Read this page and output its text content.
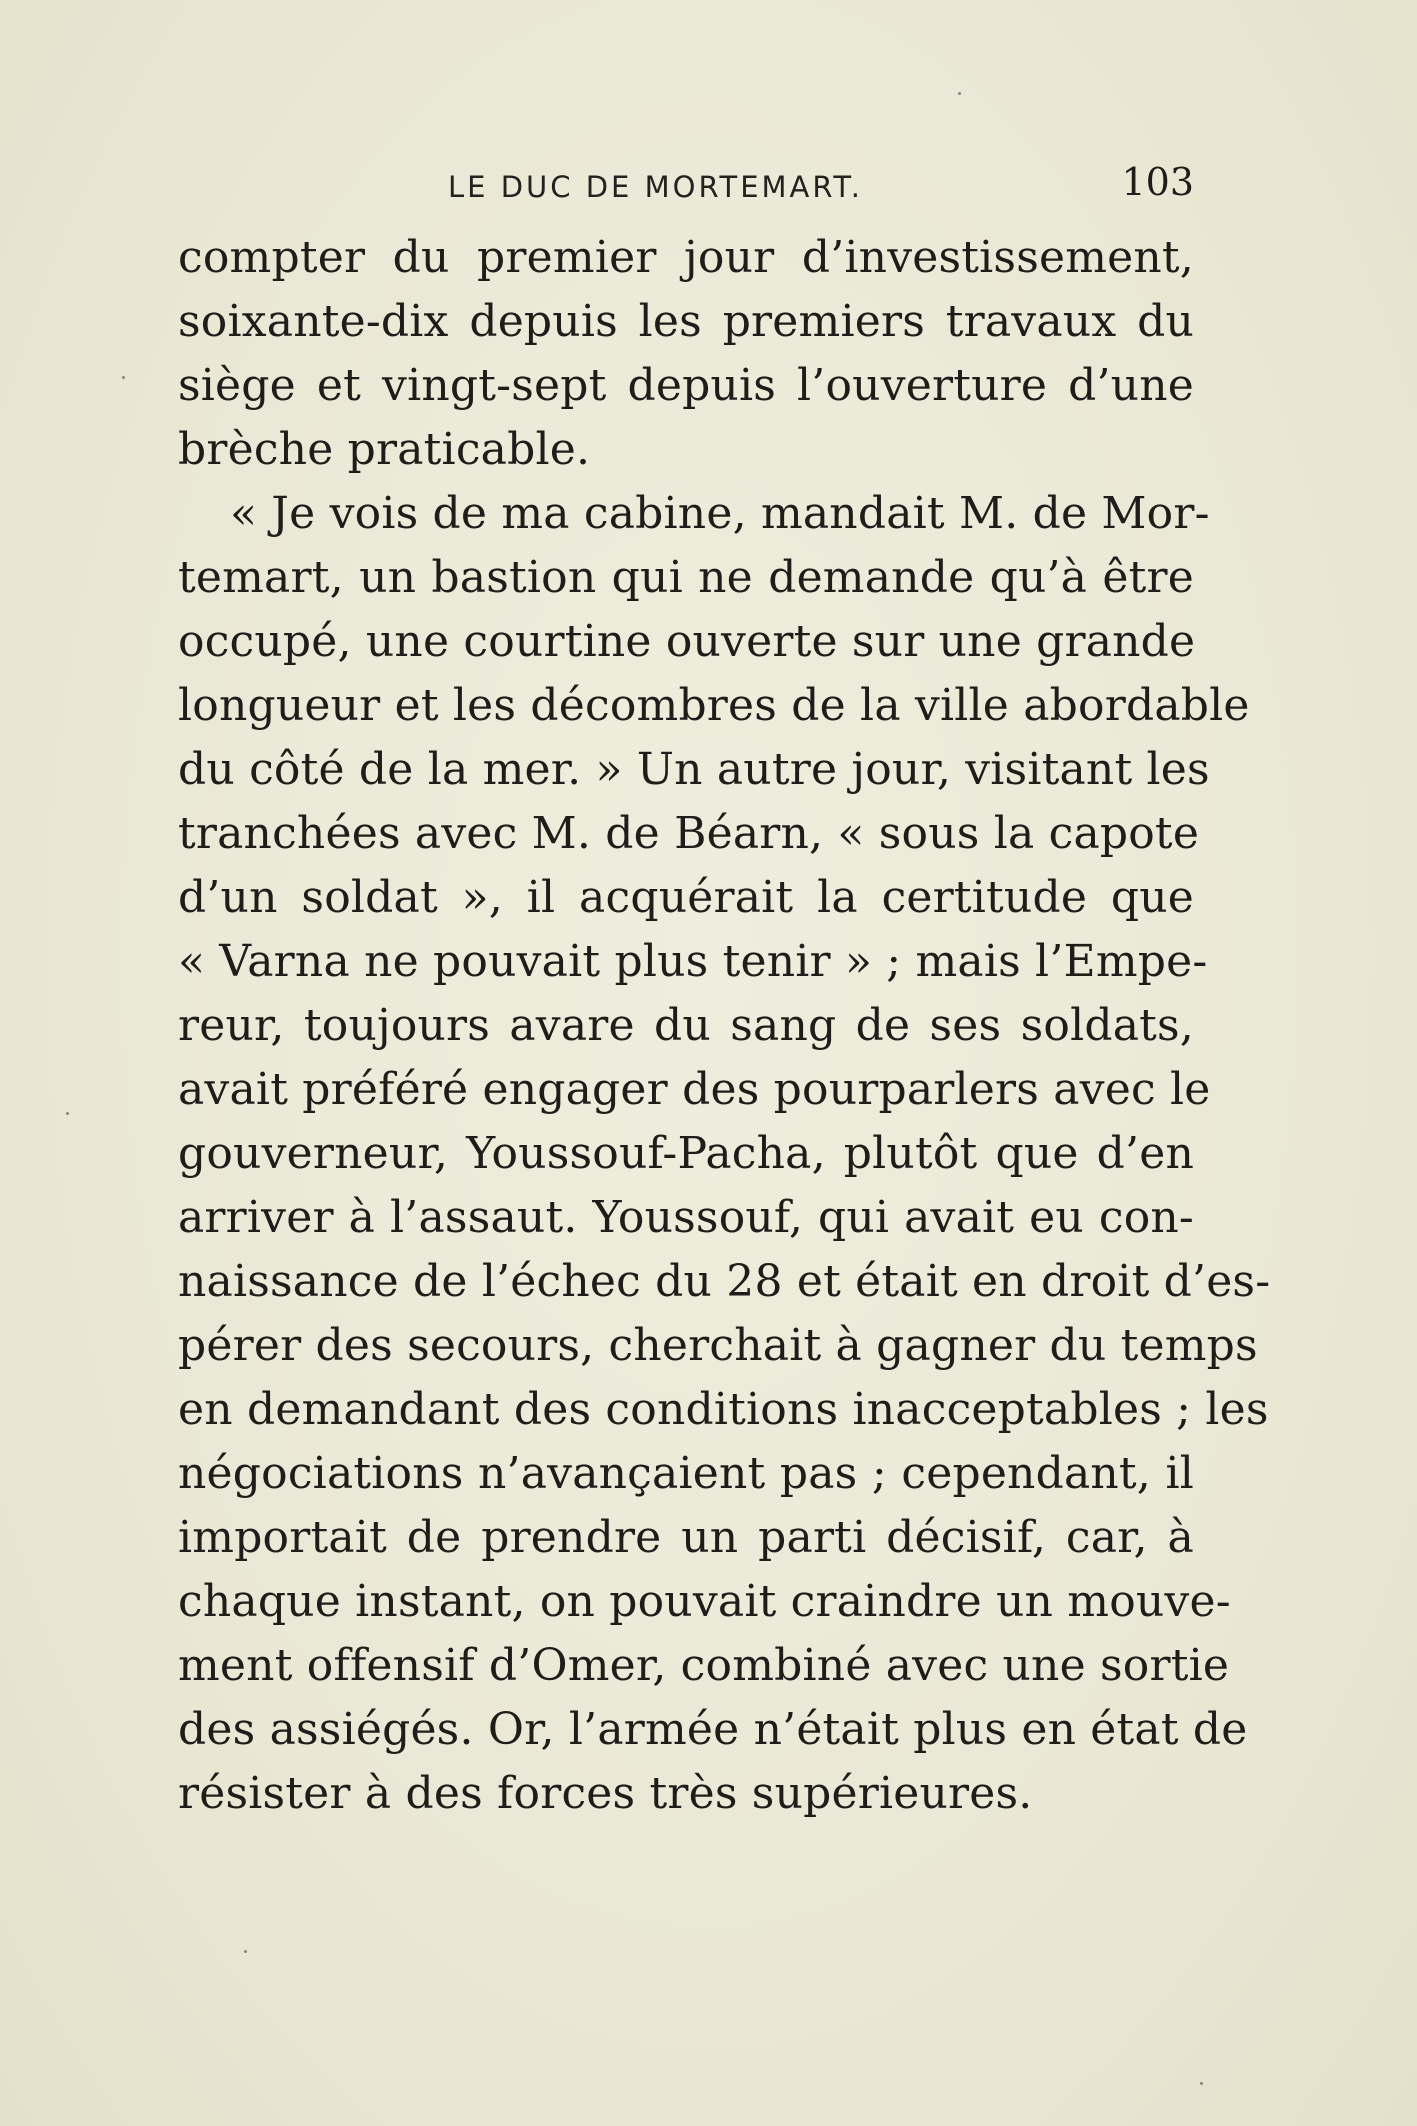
LE DUC DE MORTEMART.	103
compter du premier jour d’investissement,
soixante-dix depuis les premiers travaux du
siège et vingt-sept depuis l’ouverture d’une
brèche praticable.
« Je vois de ma cabine, mandait M. de Mor-
temart, un bastion qui ne demande qu’à être
occupé, une courtine ouverte sur une grande
longueur et les décombres de la ville abordable
du côté de la mer. » Un autre jour, visitant les
tranchées avec M. de Béarn, « sous la capote
d’un soldat », il acquérait la certitude que
« Varna ne pouvait plus tenir » ; mais l’Empe-
reur, toujours avare du sang de ses soldats,
avait préféré engager des pourparlers avec le
gouverneur, Youssouf-Pacha, plutôt que d’en
arriver à l’assaut. Youssouf, qui avait eu con-
naissance de l’échec du 28 et était en droit d’es-
pérer des secours, cherchait à gagner du temps
en demandant des conditions inacceptables ; les
négociations n’avançaient pas ; cependant, il
importait de prendre un parti décisif, car, à
chaque instant, on pouvait craindre un mouve-
ment offensif d’Omer, combiné avec une sortie
des assiégés. Or, l’armée n’était plus en état de
résister à des forces très supérieures.
